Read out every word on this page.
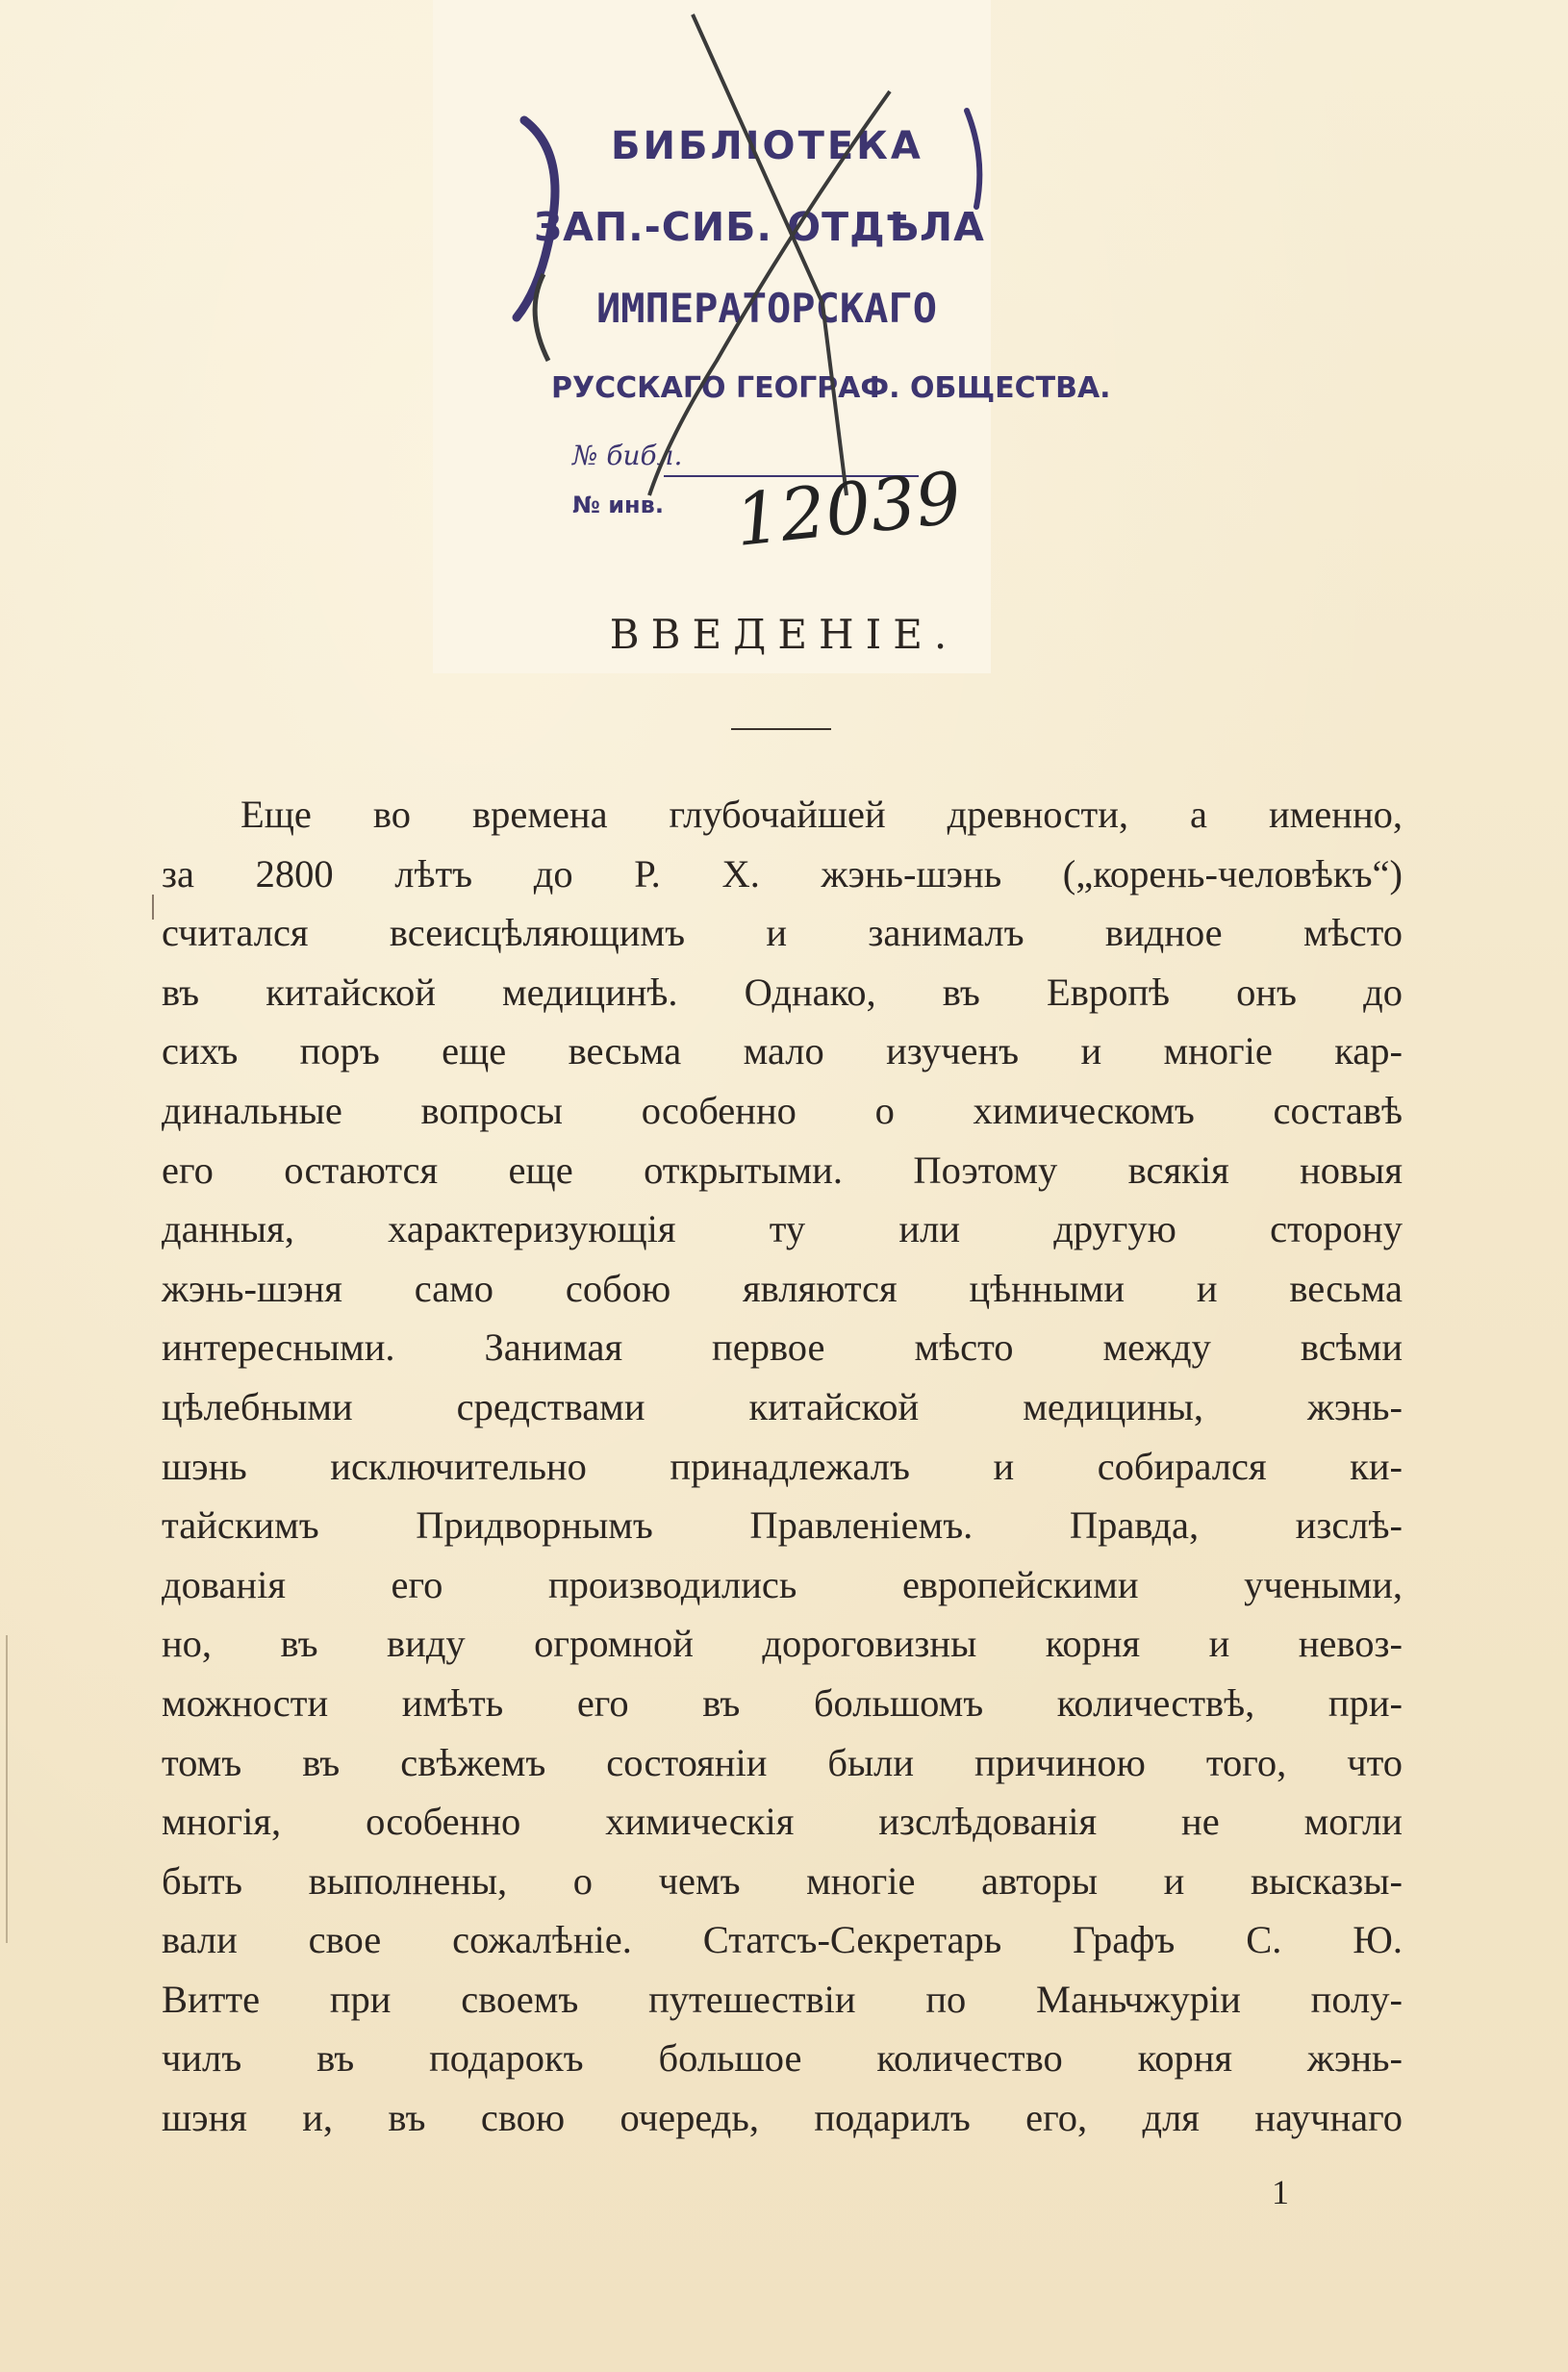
БИБЛІОТЕКА
ЗАП.-СИБ. ОТДѢЛА
ИМПЕРАТОРСКАГО
РУССКАГО ГЕОГРАФ. ОБЩЕСТВА.
№ библ.
№ инв. 12039
ВВЕДЕНІЕ.
Еще во времена глубочайшей древности, а именно,
за 2800 лѣтъ до Р. Х. жэнь-шэнь („корень-человѣкъ“)
считался всеисцѣляющимъ и занималъ видное мѣсто
въ китайской медицинѣ. Однако, въ Европѣ онъ до
сихъ поръ еще весьма мало изученъ и многіе кар-
динальные вопросы особенно о химическомъ составѣ
его остаются еще открытыми. Поэтому всякія новыя
данныя, характеризующія ту или другую сторону
жэнь-шэня само собою являются цѣнными и весьма
интересными. Занимая первое мѣсто между всѣми
цѣлебными средствами китайской медицины, жэнь-
шэнь исключительно принадлежалъ и собирался ки-
тайскимъ Придворнымъ Правленіемъ. Правда, изслѣ-
дованія его производились европейскими учеными,
но, въ виду огромной дороговизны корня и невоз-
можности имѣть его въ большомъ количествѣ, при-
томъ въ свѣжемъ состояніи были причиною того, что
многія, особенно химическія изслѣдованія не могли
быть выполнены, о чемъ многіе авторы и высказы-
вали свое сожалѣніе. Статсъ-Секретарь Графъ С. Ю.
Витте при своемъ путешествіи по Маньчжуріи полу-
чилъ въ подарокъ большое количество корня жэнь-
шэня и, въ свою очередь, подарилъ его, для научнаго
1
